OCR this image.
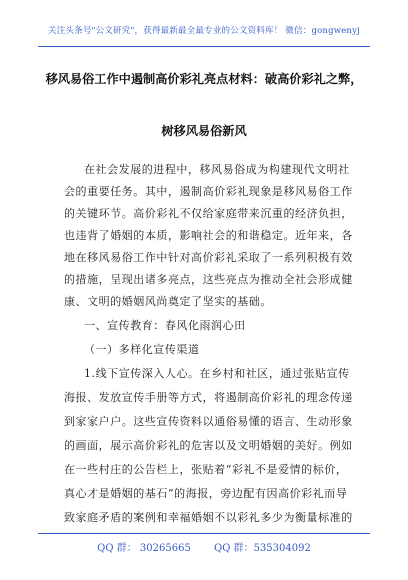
关注头条号"公文研究"，获得最新最全最专业的公文资料库！ 微信：gongwenyj
移风易俗工作中遏制高价彩礼亮点材料：破高价彩礼之弊，
树移风易俗新风
在社会发展的进程中，移风易俗成为构建现代文明社
会的重要任务。其中，遏制高价彩礼现象是移风易俗工作
的关键环节。高价彩礼不仅给家庭带来沉重的经济负担，
也违背了婚姻的本质，影响社会的和谐稳定。近年来，各
地在移风易俗工作中针对高价彩礼采取了一系列积极有效
的措施，呈现出诸多亮点，这些亮点为推动全社会形成健
康、文明的婚姻风尚奠定了坚实的基础。
一、宣传教育：春风化雨润心田
（一）多样化宣传渠道
1.线下宣传深入人心。在乡村和社区，通过张贴宣传
海报、发放宣传手册等方式，将遏制高价彩礼的理念传递
到家家户户。这些宣传资料以通俗易懂的语言、生动形象
的画面，展示高价彩礼的危害以及文明婚姻的美好。例如
在一些村庄的公告栏上，张贴着“彩礼不是爱情的标价，
真心才是婚姻的基石”的海报，旁边配有因高价彩礼而导
致家庭矛盾的案例和幸福婚姻不以彩礼多少为衡量标准的
QQ 群： 30265665 QQ 群：535304092
